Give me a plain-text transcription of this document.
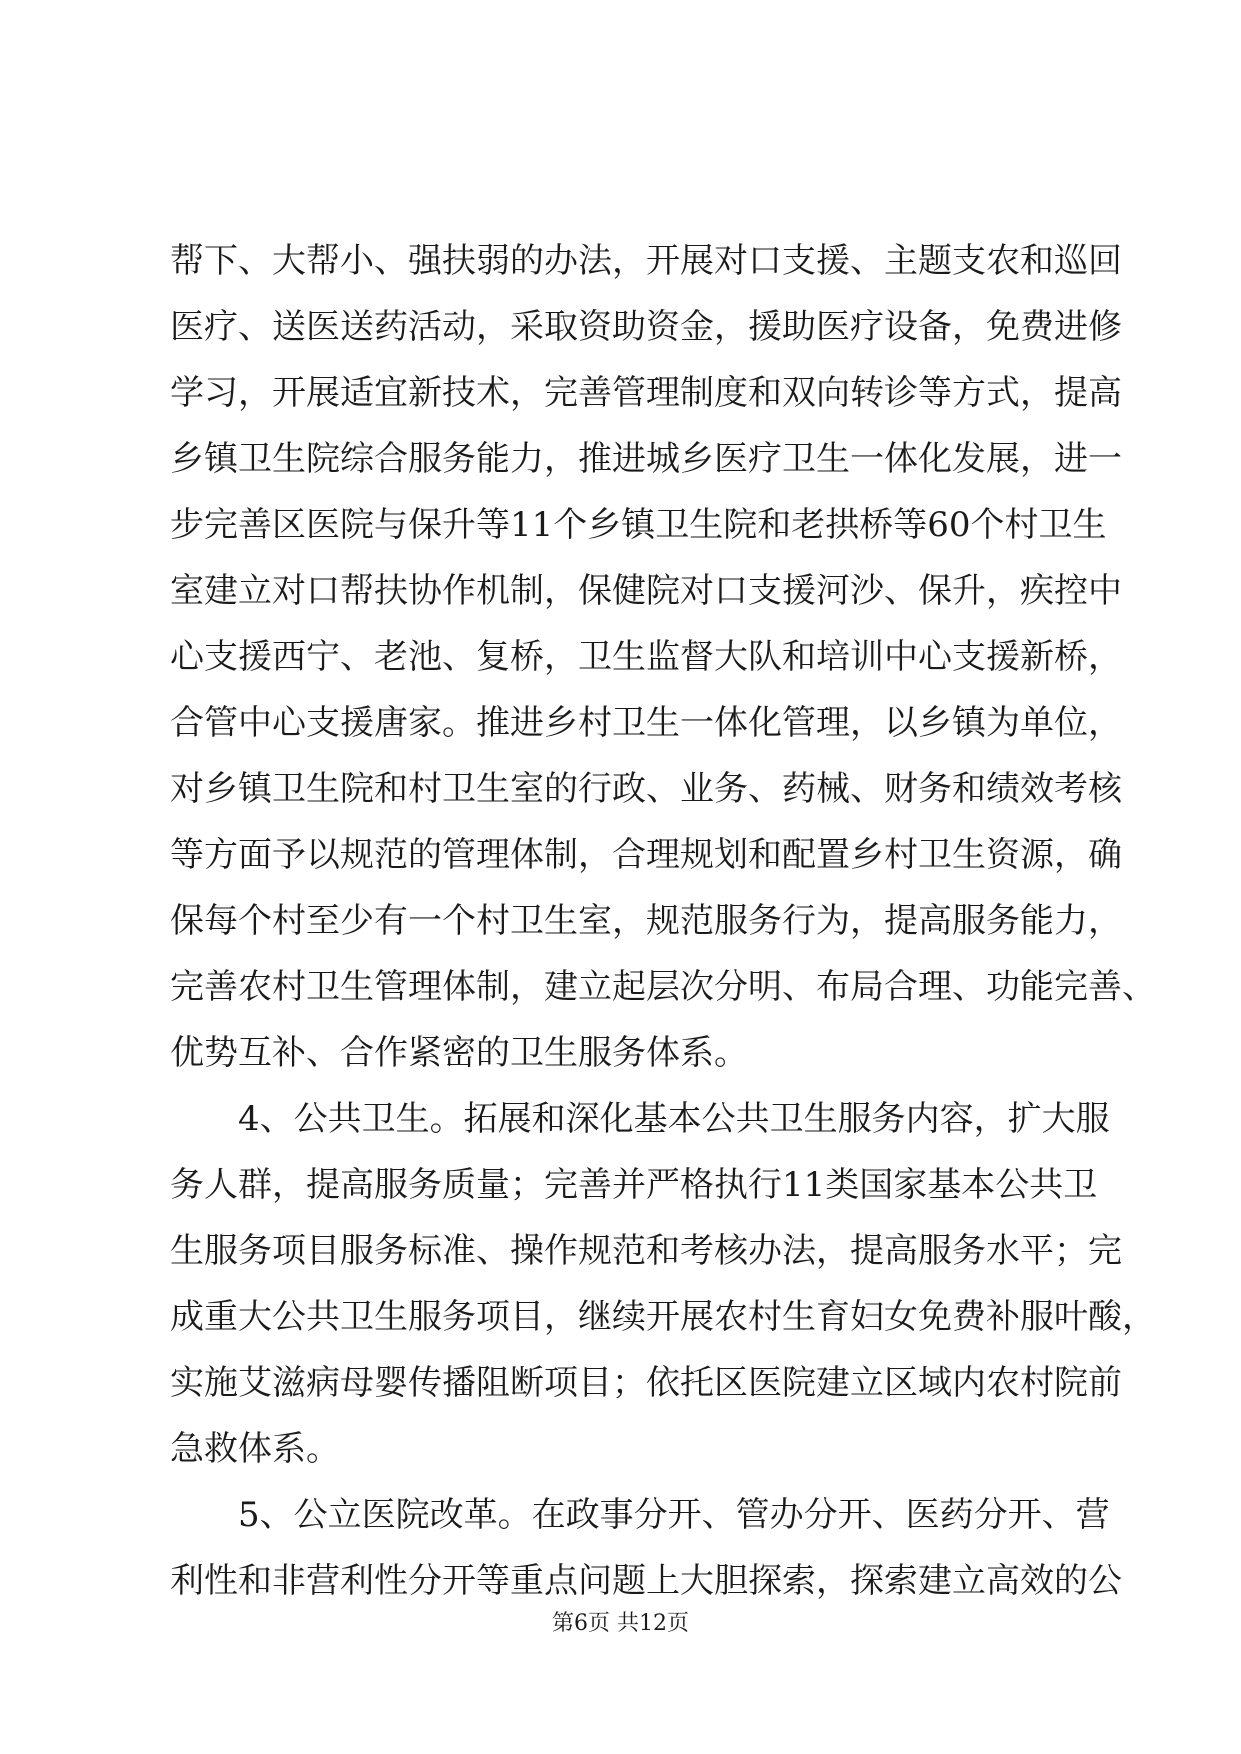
帮下、大帮小、强扶弱的办法，开展对口支援、主题支农和巡回
医疗、送医送药活动，采取资助资金，援助医疗设备，免费进修
学习，开展适宜新技术，完善管理制度和双向转诊等方式，提高
乡镇卫生院综合服务能力，推进城乡医疗卫生一体化发展，进一
步完善区医院与保升等11个乡镇卫生院和老拱桥等60个村卫生
室建立对口帮扶协作机制，保健院对口支援河沙、保升，疾控中
心支援西宁、老池、复桥，卫生监督大队和培训中心支援新桥，
合管中心支援唐家。推进乡村卫生一体化管理，以乡镇为单位，
对乡镇卫生院和村卫生室的行政、业务、药械、财务和绩效考核
等方面予以规范的管理体制，合理规划和配置乡村卫生资源，确
保每个村至少有一个村卫生室，规范服务行为，提高服务能力，
完善农村卫生管理体制，建立起层次分明、布局合理、功能完善、
优势互补、合作紧密的卫生服务体系。
4、公共卫生。拓展和深化基本公共卫生服务内容，扩大服
务人群，提高服务质量；完善并严格执行11类国家基本公共卫
生服务项目服务标准、操作规范和考核办法，提高服务水平；完
成重大公共卫生服务项目，继续开展农村生育妇女免费补服叶酸，
实施艾滋病母婴传播阻断项目；依托区医院建立区域内农村院前
急救体系。
5、公立医院改革。在政事分开、管办分开、医药分开、营
利性和非营利性分开等重点问题上大胆探索，探索建立高效的公
第6页 共12页
